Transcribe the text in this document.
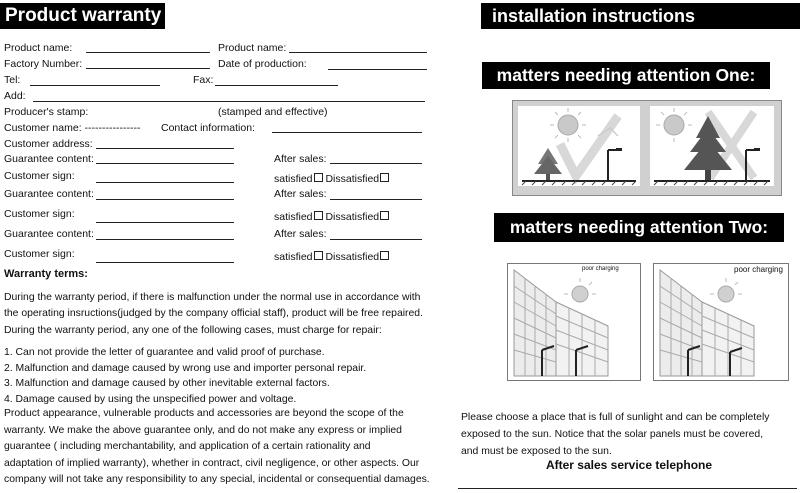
Product warranty
Product name:	Product name:
Factory Number:	Date of production:
Tel:	Fax:
Add:
Producer's stamp:	(stamped and effective)
Customer name: ---------------- Contact information:
Customer address:
Guarantee content:	After sales:
Customer sign:	satisfied Dissatisfied
Guarantee content:	After sales:
Customer sign:	satisfied Dissatisfied
Guarantee content:	After sales:
Customer sign:	satisfied Dissatisfied
Warranty terms:
During the warranty period, if there is malfunction under the normal use in accordance with
the operating insructions(judged by the company official staff), product will be free repaired.
During the warranty period, any one of the following cases, must charge for repair:
1. Can not provide the letter of guarantee and valid proof of purchase.
2. Malfunction and damage caused by wrong use and importer personal repair.
3. Malfunction and damage caused by other inevitable external factors.
4. Damage caused by using the unspecified power and voltage.
Product appearance, vulnerable products and accessories are beyond the scope of the
warranty. We make the above guarantee only, and do not make any express or implied
guarantee ( including merchantability, and application of a certain rationality and
adaptation of implied warranty), whether in contract, civil negligence, or other aspects. Our
company will not take any responsibility to any special, incidental or consequential damages.
installation instructions
matters needing attention One:
matters needing attention Two:
poor charging	poor charging
Please choose a place that is full of sunlight and can be completely
exposed to the sun. Notice that the solar panels must be covered,
and must be exposed to the sun.
After sales service telephone
